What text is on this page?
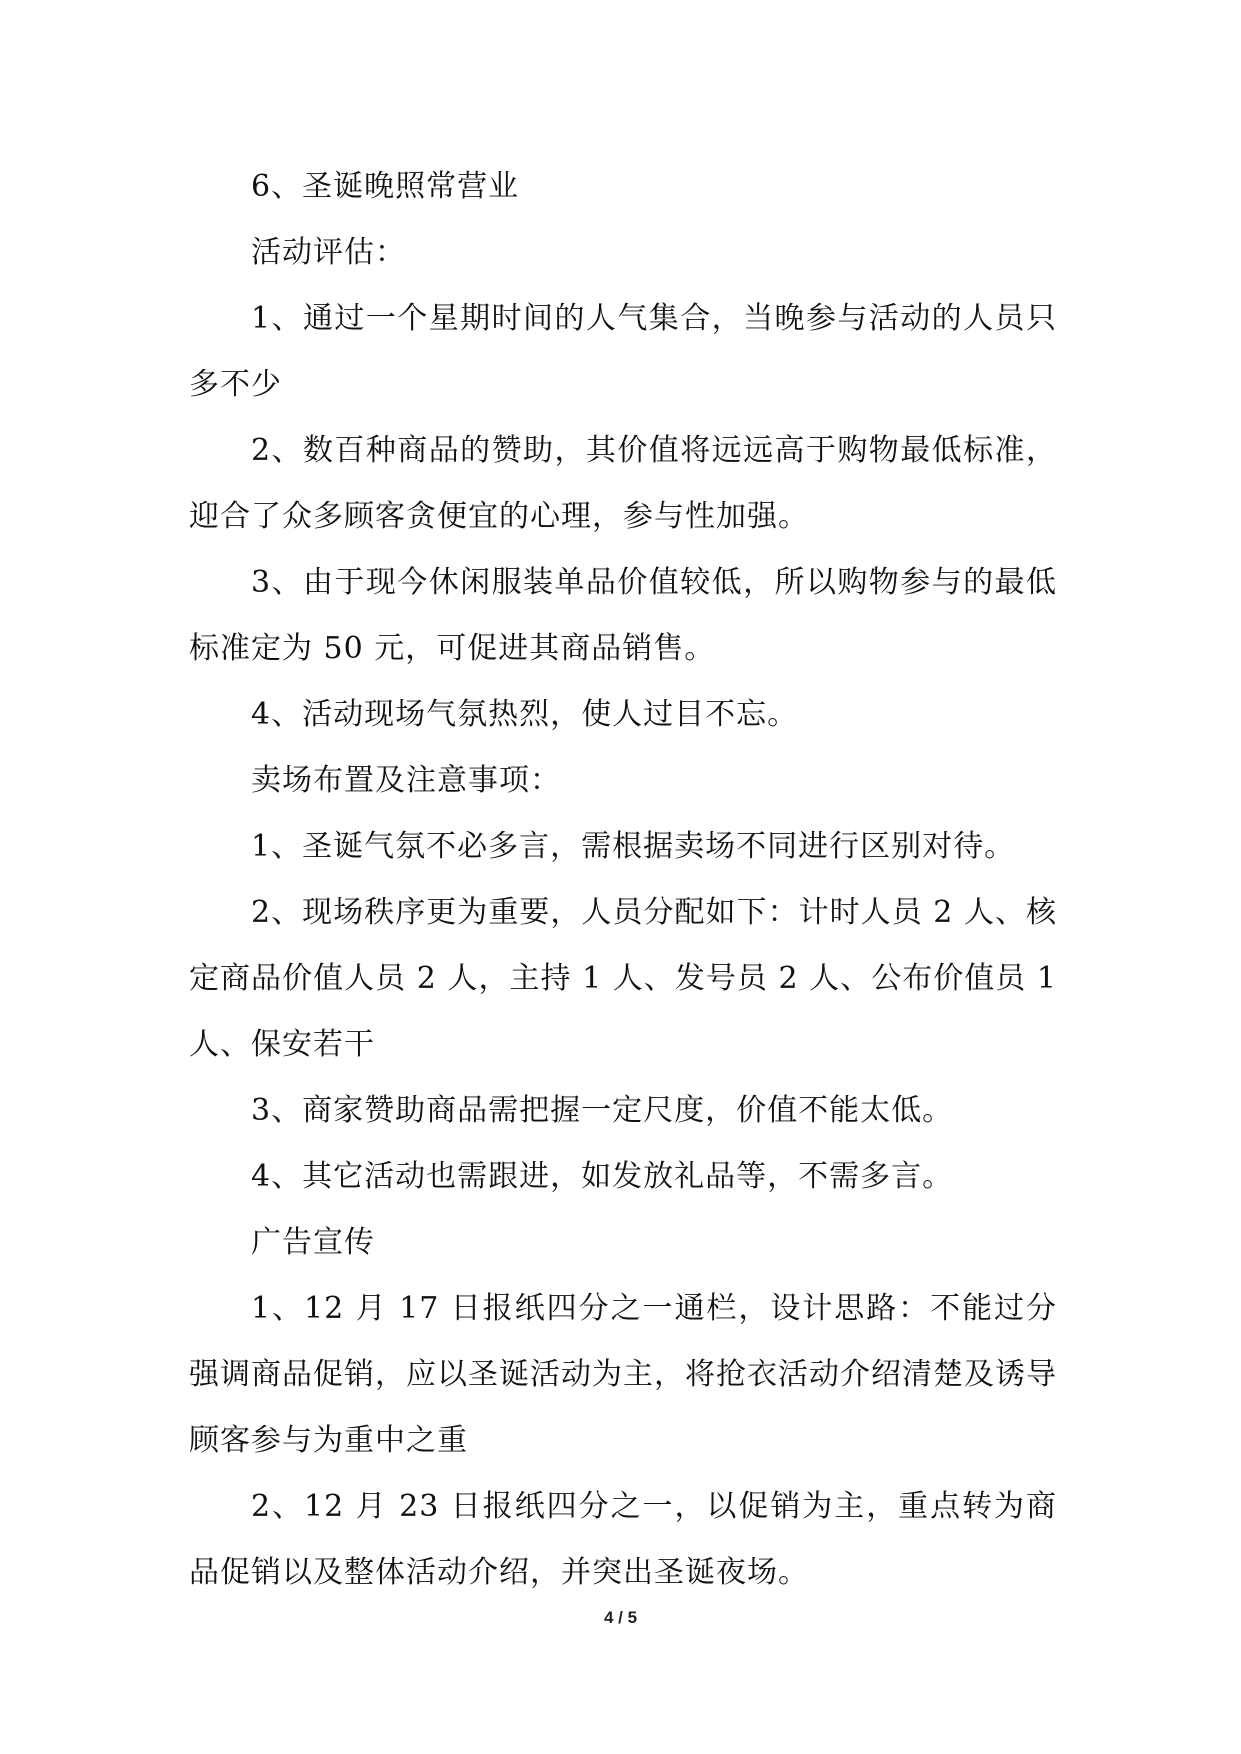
6、圣诞晚照常营业

活动评估：

1、通过一个星期时间的人气集合，当晚参与活动的人员只多不少

2、数百种商品的赞助，其价值将远远高于购物最低标准，迎合了众多顾客贪便宜的心理，参与性加强。

3、由于现今休闲服装单品价值较低，所以购物参与的最低标准定为 50 元，可促进其商品销售。

4、活动现场气氛热烈，使人过目不忘。

卖场布置及注意事项：

1、圣诞气氛不必多言，需根据卖场不同进行区别对待。

2、现场秩序更为重要，人员分配如下：计时人员 2 人、核定商品价值人员 2 人，主持 1 人、发号员 2 人、公布价值员 1 人、保安若干

3、商家赞助商品需把握一定尺度，价值不能太低。

4、其它活动也需跟进，如发放礼品等，不需多言。

广告宣传

1、12 月 17 日报纸四分之一通栏，设计思路：不能过分强调商品促销，应以圣诞活动为主，将抢衣活动介绍清楚及诱导顾客参与为重中之重

2、12 月 23 日报纸四分之一，以促销为主，重点转为商品促销以及整体活动介绍，并突出圣诞夜场。

4 / 5
